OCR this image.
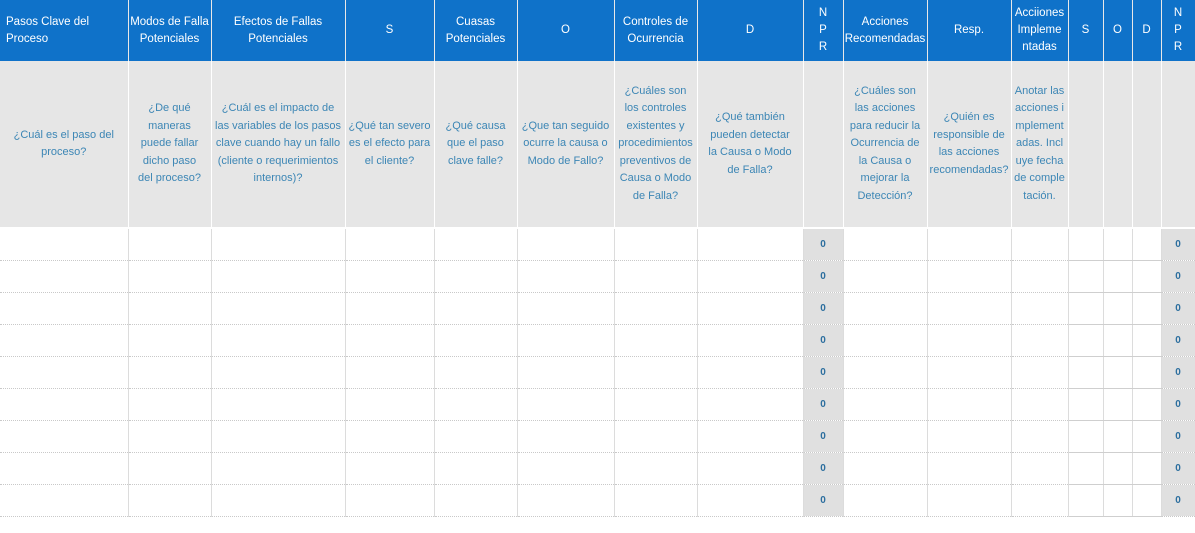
Pasos Clave del Proceso	Modos de Falla Potenciales	Efectos de Fallas Potenciales	S	Cuasas Potenciales	O	Controles de Ocurrencia	D	N P R	Acciones Recomendadas	Resp.	Acciiones Implementadas	S	O	D	N P R
¿Cuál es el paso del proceso?	¿De qué maneras puede fallar dicho paso del proceso?	¿Cuál es el impacto de las variables de los pasos clave cuando hay un fallo (cliente o requerimientos internos)?	¿Qué tan severo es el efecto para el cliente?	¿Qué causa que el paso clave falle?	¿Que tan seguido ocurre la causa o Modo de Fallo?	¿Cuáles son los controles existentes y procedimientos preventivos de Causa o Modo de Falla?	¿Qué también pueden detectar la Causa o Modo de Falla?		¿Cuáles son las acciones para reducir la Ocurrencia de la Causa o mejorar la Detección?	¿Quién es responsible de las acciones recomendadas?	Anotar las acciones implementadas. Incluye fecha de completación.				

								0							0
								0							0
								0							0
								0							0
								0							0
								0							0
								0							0
								0							0
								0							0
